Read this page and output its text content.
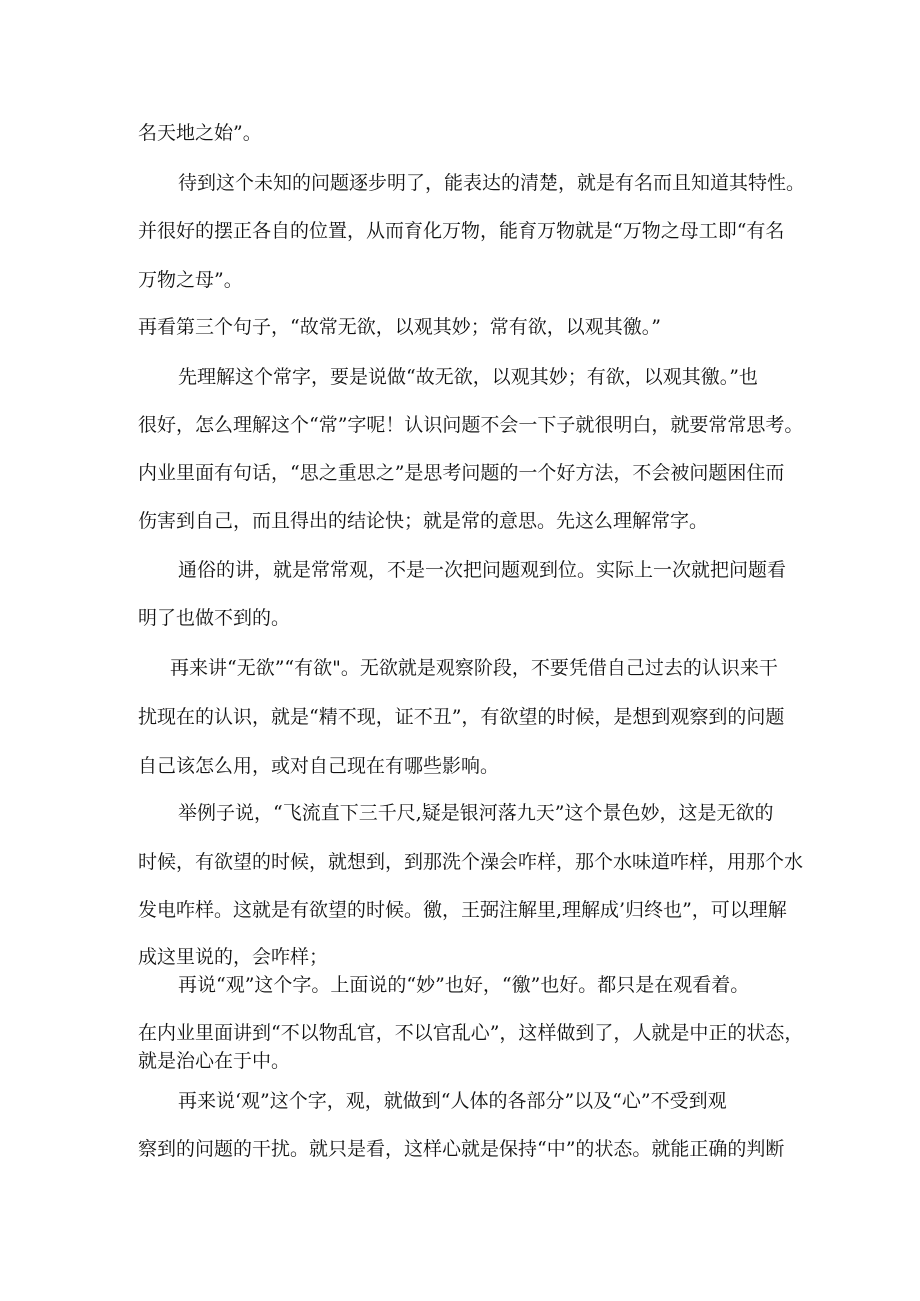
名天地之始”。

待到这个未知的问题逐步明了，能表达的清楚，就是有名而且知道其特性。

并很好的摆正各自的位置，从而育化万物，能育万物就是“万物之母工即“有名

万物之母”。

再看第三个句子，“故常无欲，以观其妙；常有欲，以观其徼。”

先理解这个常字，要是说做“故无欲，以观其妙；有欲，以观其徼。”也

很好，怎么理解这个“常”字呢！认识问题不会一下子就很明白，就要常常思考。

内业里面有句话，“思之重思之”是思考问题的一个好方法，不会被问题困住而

伤害到自己，而且得出的结论快；就是常的意思。先这么理解常字。

通俗的讲，就是常常观，不是一次把问题观到位。实际上一次就把问题看

明了也做不到的。

再来讲“无欲”“有欲"。无欲就是观察阶段，不要凭借自己过去的认识来干

扰现在的认识，就是“精不现，证不丑”，有欲望的时候，是想到观察到的问题

自己该怎么用，或对自己现在有哪些影响。

举例子说，“飞流直下三千尺,疑是银河落九天”这个景色妙，这是无欲的

时候，有欲望的时候，就想到，到那洗个澡会咋样，那个水味道咋样，用那个水

发电咋样。这就是有欲望的时候。徼，王弼注解里,理解成’归终也”，可以理解

成这里说的，会咋样；

再说“观”这个字。上面说的“妙”也好，“徼”也好。都只是在观看着。

在内业里面讲到“不以物乱官，不以官乱心”，这样做到了，人就是中正的状态，

就是治心在于中。

再来说‘观”这个字，观，就做到“人体的各部分”以及“心”不受到观

察到的问题的干扰。就只是看，这样心就是保持“中”的状态。就能正确的判断
